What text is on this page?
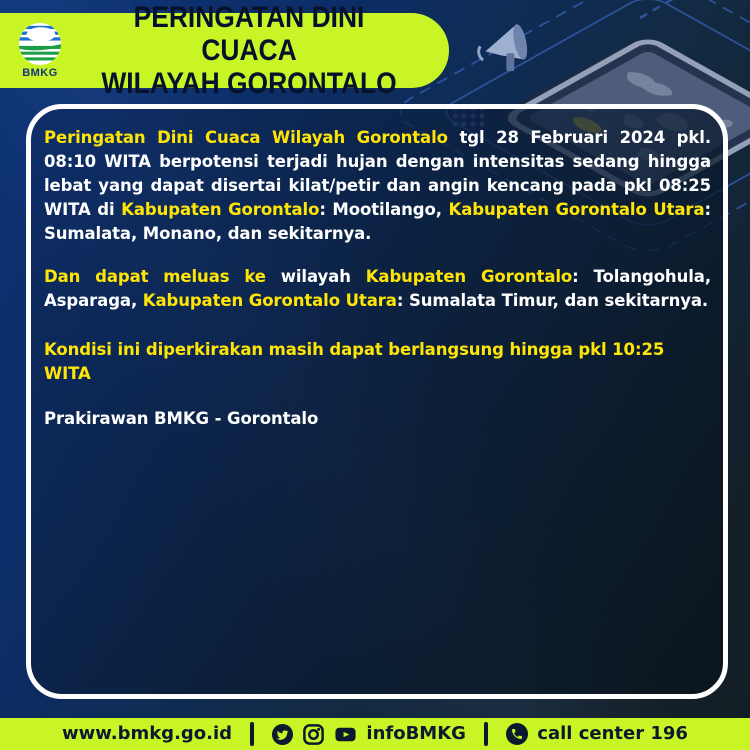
BMKG
PERINGATAN DINI CUACA
WILAYAH GORONTALO

Peringatan Dini Cuaca Wilayah Gorontalo tgl 28 Februari 2024 pkl. 08:10 WITA berpotensi terjadi hujan dengan intensitas sedang hingga lebat yang dapat disertai kilat/petir dan angin kencang pada pkl 08:25 WITA di Kabupaten Gorontalo: Mootilango, Kabupaten Gorontalo Utara: Sumalata, Monano, dan sekitarnya.

Dan dapat meluas ke wilayah Kabupaten Gorontalo: Tolangohula, Asparaga, Kabupaten Gorontalo Utara: Sumalata Timur, dan sekitarnya.

Kondisi ini diperkirakan masih dapat berlangsung hingga pkl 10:25 WITA

Prakirawan BMKG - Gorontalo

www.bmkg.go.id	infoBMKG	call center 196
